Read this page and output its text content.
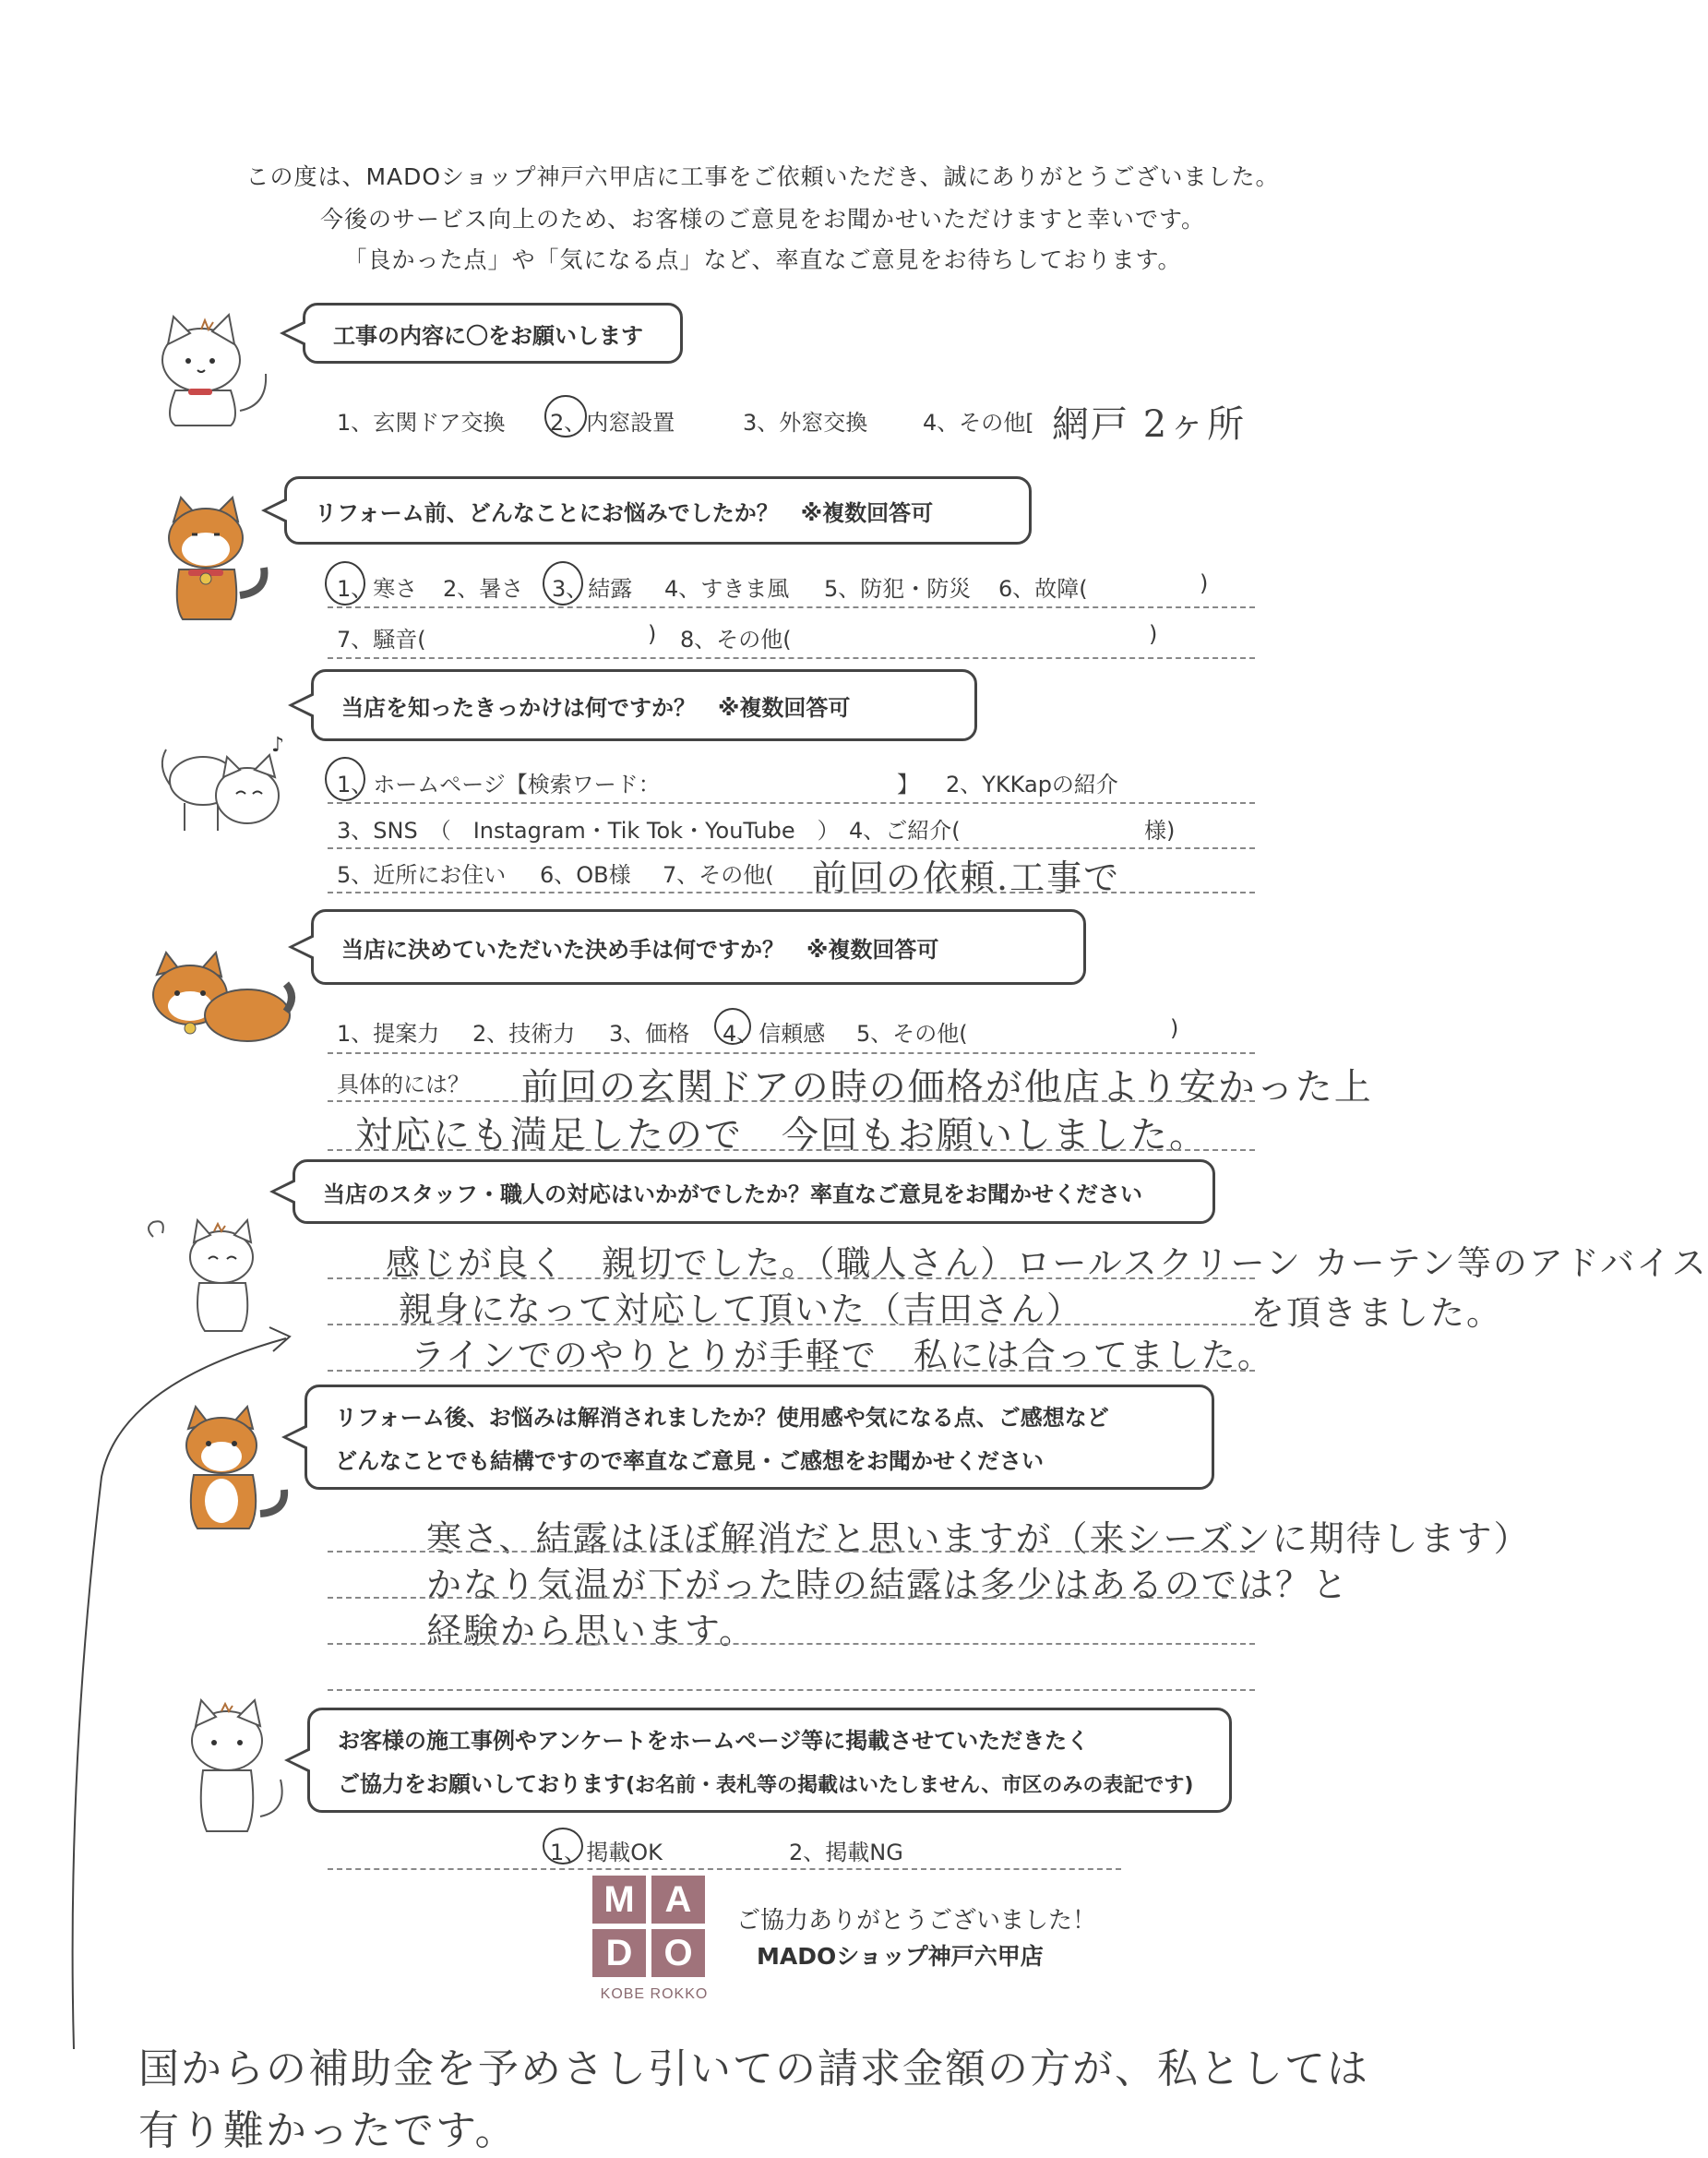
この度は、MADOショップ神戸六甲店に工事をご依頼いただき、誠にありがとうございました。
今後のサービス向上のため、お客様のご意見をお聞かせいただけますと幸いです。
「良かった点」や「気になる点」など、率直なご意見をお待ちしております。
工事の内容に〇をお願いします
1、玄関ドア交換 2、内窓設置	3、外窓交換 4、その他[ 網戸 2ヶ所
リフォーム前、どんなことにお悩みでしたか？　※複数回答可
1、寒さ 2、暑さ 3、結露 4、すきま風 5、防犯・防災 6、故障(	)
7、騒音(	) 8、その他(	)
♪
当店を知ったきっかけは何ですか？　※複数回答可
1、ホームページ【検索ワード：	】 2、YKKapの紹介
3、SNS　（　Instagram・Tik Tok・YouTube　） 4、ご紹介(	様)
5、近所にお住い 6、OB様 7、その他( 前回の依頼.工事で
当店に決めていただいた決め手は何ですか？　※複数回答可
1、提案力 2、技術力 3、価格 4、信頼感 5、その他(	)
具体的には？ 前回の玄関ドアの時の価格が他店より安かった上
対応にも満足したので　今回もお願いしました。
当店のスタッフ・職人の対応はいかがでしたか？率直なご意見をお聞かせください
感じが良く　親切でした。（職人さん）ロールスクリーン カーテン等のアドバイス
親身になって対応して頂いた（吉田さん）	を頂きました。
ラインでのやりとりが手軽で　私には合ってました。
リフォーム後、お悩みは解消されましたか？使用感や気になる点、ご感想など
どんなことでも結構ですので率直なご意見・ご感想をお聞かせください
寒さ、結露はほぼ解消だと思いますが（来シーズンに期待します）
かなり気温が下がった時の結露は多少はあるのでは？と
経験から思います。
お客様の施工事例やアンケートをホームページ等に掲載させていただきたく
ご協力をお願いしております(お名前・表札等の掲載はいたしません、市区のみの表記です)
1、掲載OK	2、掲載NG
M A
D O
KOBE ROKKO
ご協力ありがとうございました！
MADOショップ神戸六甲店
国からの補助金を予めさし引いての請求金額の方が、私としては
有り難かったです。
